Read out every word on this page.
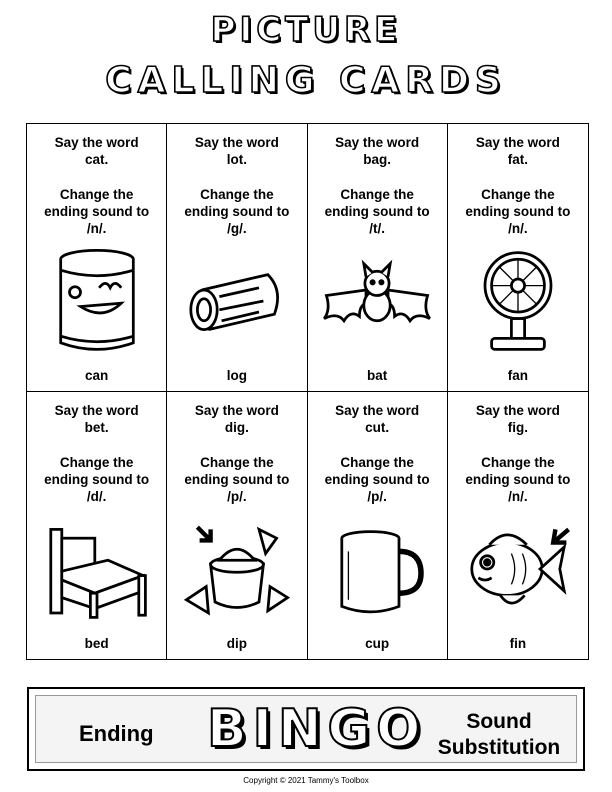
PICTURE
CALLING CARDS
Say the word
cat.
Change the
ending sound to
/n/.
can
Say the word
lot.
Change the
ending sound to
/g/.
log
Say the word
bag.
Change the
ending sound to
/t/.
bat
Say the word
fat.
Change the
ending sound to
/n/.
fan
Say the word
bet.
Change the
ending sound to
/d/.
bed
Say the word
dig.
Change the
ending sound to
/p/.
dip
Say the word
cut.
Change the
ending sound to
/p/.
cup
Say the word
fig.
Change the
ending sound to
/n/.
fin
Ending BINGO	Sound
Substitution
Copyright © 2021 Tammy's Toolbox
